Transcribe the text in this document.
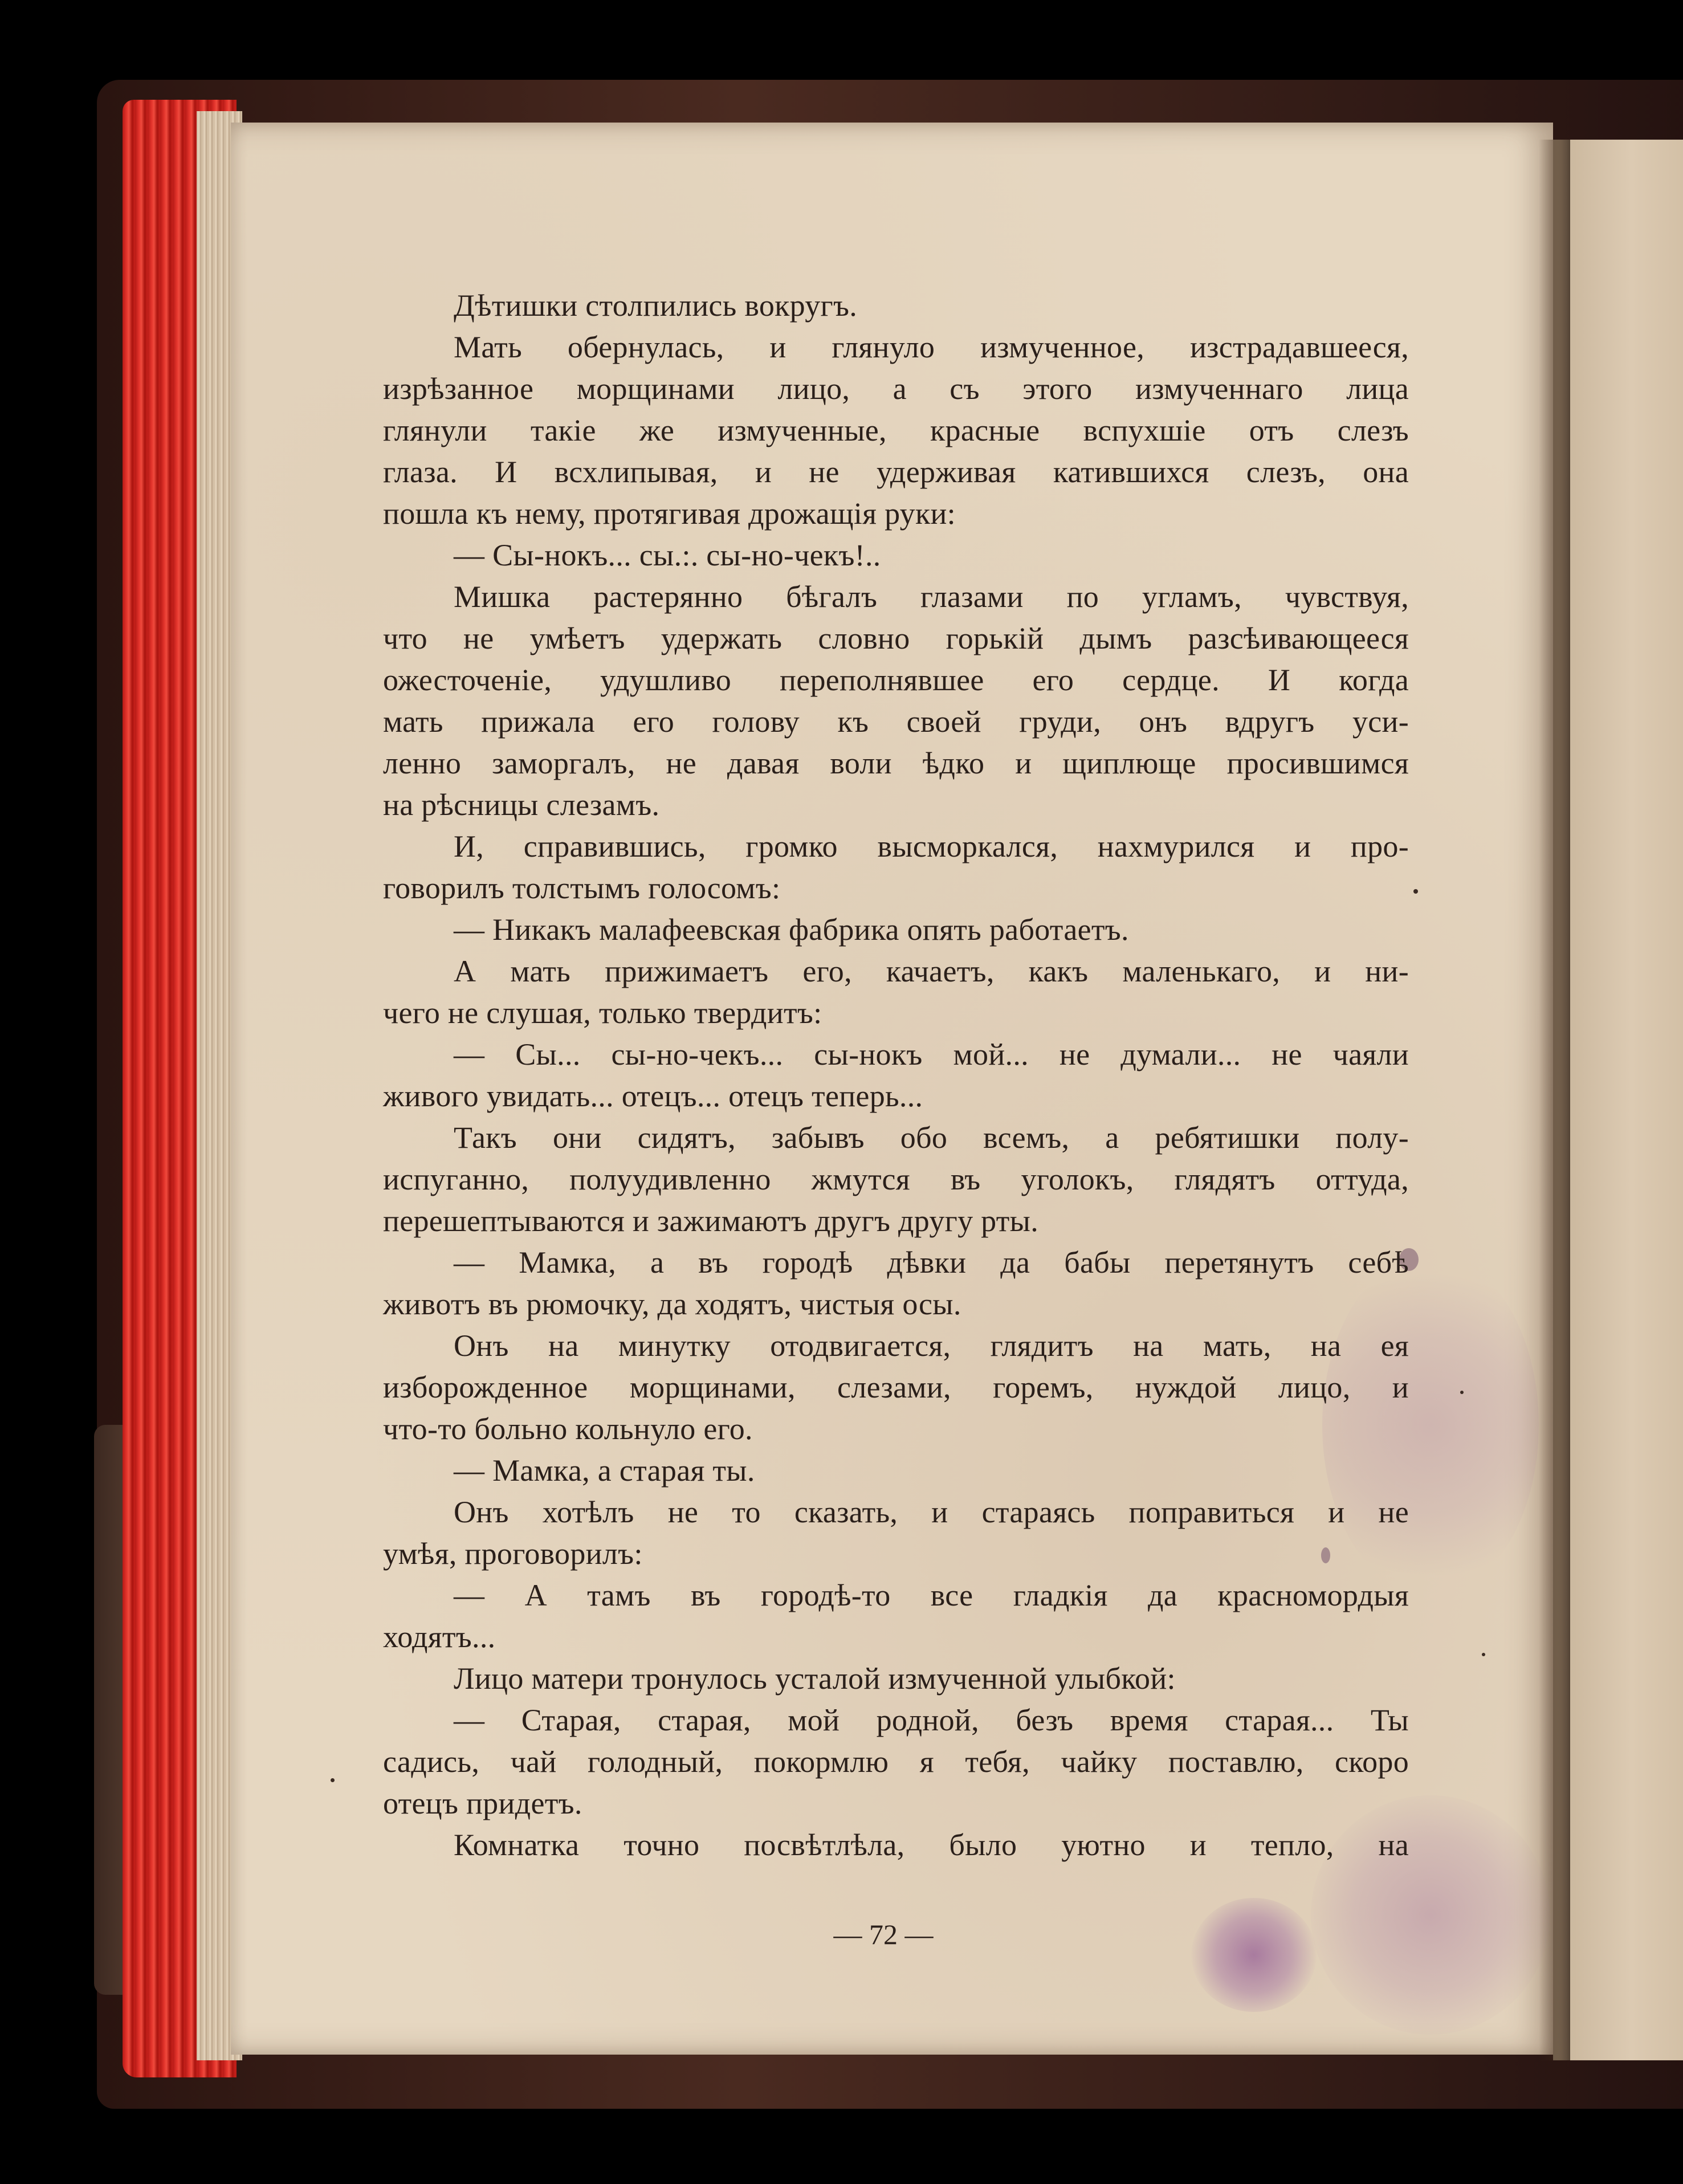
Дѣтишки столпились вокругъ.
Мать обернулась, и глянуло измученное, изстрадавшееся,
изрѣзанное морщинами лицо, а съ этого измученнаго лица
глянули такіе же измученные, красные вспухшіе отъ слезъ
глаза. И всхлипывая, и не удерживая катившихся слезъ, она
пошла къ нему, протягивая дрожащія руки:
— Сы-нокъ... сы.:. сы-но-чекъ!..
Мишка растерянно бѣгалъ глазами по угламъ, чувствуя,
что не умѣетъ удержать словно горькій дымъ разсѣивающееся
ожесточеніе, удушливо переполнявшее его сердце. И когда
мать прижала его голову къ своей груди, онъ вдругъ уси-
ленно заморгалъ, не давая воли ѣдко и щиплюще просившимся
на рѣсницы слезамъ.
И, справившись, громко высморкался, нахмурился и про-
говорилъ толстымъ голосомъ:
— Никакъ малафеевская фабрика опять работаетъ.
А мать прижимаетъ его, качаетъ, какъ маленькаго, и ни-
чего не слушая, только твердитъ:
— Сы... сы-но-чекъ... сы-нокъ мой... не думали... не чаяли
живого увидать... отецъ... отецъ теперь...
Такъ они сидятъ, забывъ обо всемъ, а ребятишки полу-
испуганно, полуудивленно жмутся въ уголокъ, глядятъ оттуда,
перешептываются и зажимаютъ другъ другу рты.
— Мамка, а въ городѣ дѣвки да бабы перетянутъ себѣ
животъ въ рюмочку, да ходятъ, чистыя осы.
Онъ на минутку отодвигается, глядитъ на мать, на ея
изборожденное морщинами, слезами, горемъ, нуждой лицо, и
что-то больно кольнуло его.
— Мамка, а старая ты.
Онъ хотѣлъ не то сказать, и стараясь поправиться и не
умѣя, проговорилъ:
— А тамъ въ городѣ-то все гладкія да красномордыя
ходятъ...
Лицо матери тронулось усталой измученной улыбкой:
— Старая, старая, мой родной, безъ время старая... Ты
садись, чай голодный, покормлю я тебя, чайку поставлю, скоро
отецъ придетъ.
Комнатка точно посвѣтлѣла, было уютно и тепло, на
— 72 —
